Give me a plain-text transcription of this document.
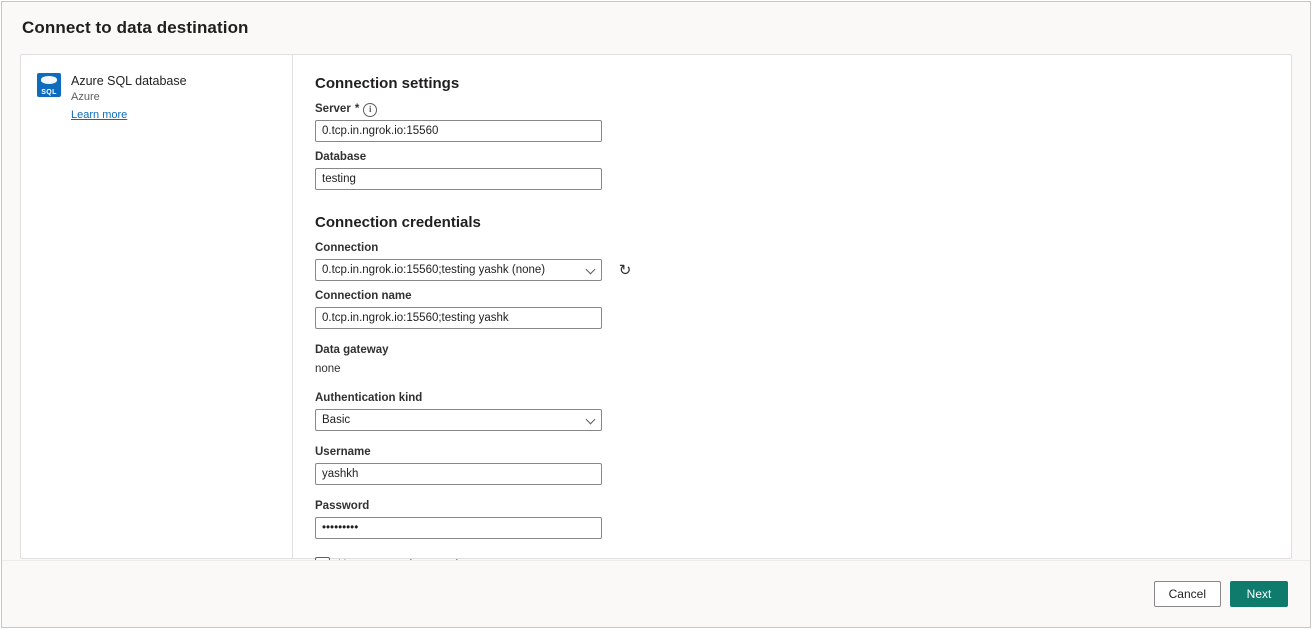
Connect to data destination
SQL
Azure SQL database
Azure
Learn more
Connection settings
Server *	i
0.tcp.in.ngrok.io:15560
Database
testing
Connection credentials
Connection
0.tcp.in.ngrok.io:15560;testing yashk (none)	↻
Connection name
0.tcp.in.ngrok.io:15560;testing yashk
Data gateway
none
Authentication kind
Basic
Username
yashkh
Password
•••••••••
Cancel	Next
